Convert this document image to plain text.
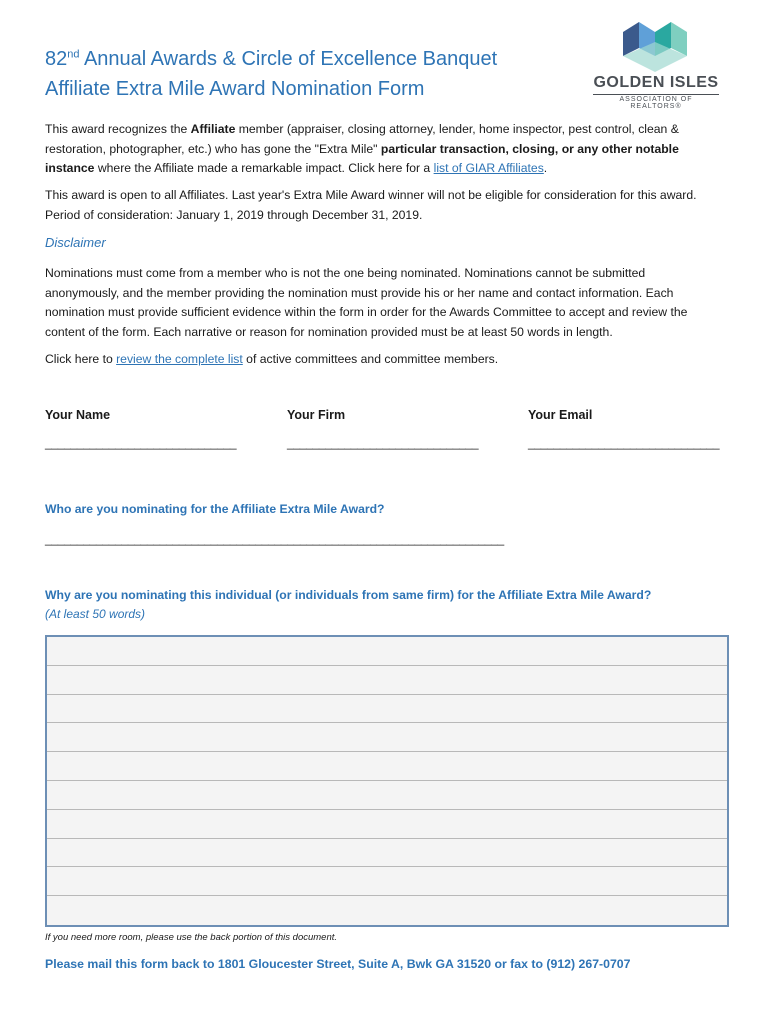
82nd Annual Awards & Circle of Excellence Banquet
Affiliate Extra Mile Award Nomination Form	GOLDEN ISLES
ASSOCIATION OF REALTORS®
This award recognizes the Affiliate member (appraiser, closing attorney, lender, home inspector, pest control, clean & restoration, photographer, etc.) who has gone the "Extra Mile" particular transaction, closing, or any other notable instance where the Affiliate made a remarkable impact. Click here for a list of GIAR Affiliates.
This award is open to all Affiliates. Last year's Extra Mile Award winner will not be eligible for consideration for this award. Period of consideration: January 1, 2019 through December 31, 2019.
Disclaimer
Nominations must come from a member who is not the one being nominated. Nominations cannot be submitted anonymously, and the member providing the nomination must provide his or her name and contact information. Each nomination must provide sufficient evidence within the form in order for the Awards Committee to accept and review the content of the form. Each narrative or reason for nomination provided must be at least 50 words in length.
Click here to review the complete list of active committees and committee members.
Your Name	Your Firm	Your Email
______________________________	______________________________	______________________________
Who are you nominating for the Affiliate Extra Mile Award?
________________________________________________________________________
Why are you nominating this individual (or individuals from same firm) for the Affiliate Extra Mile Award?
(At least 50 words)
If you need more room, please use the back portion of this document.
Please mail this form back to 1801 Gloucester Street, Suite A, Bwk GA 31520 or fax to (912) 267-0707
